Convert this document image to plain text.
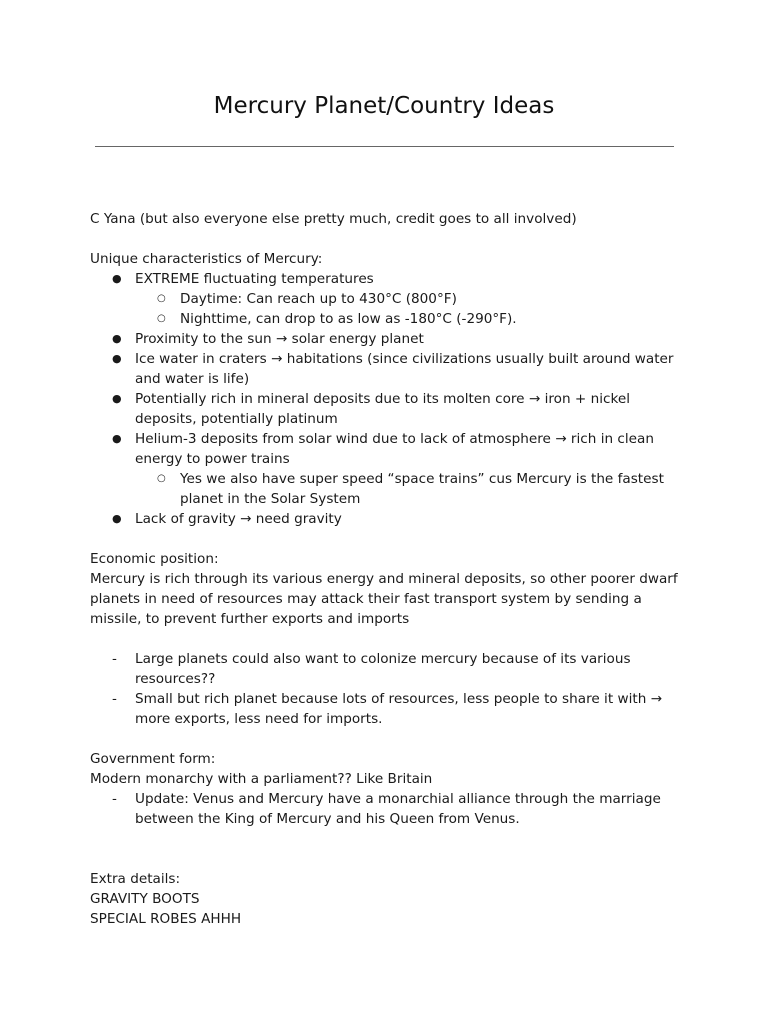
Mercury Planet/Country Ideas

C Yana (but also everyone else pretty much, credit goes to all involved)

Unique characteristics of Mercury:

● EXTREME fluctuating temperatures
○ Daytime: Can reach up to 430°C (800°F)
○ Nighttime, can drop to as low as -180°C (-290°F).
● Proximity to the sun → solar energy planet
● Ice water in craters → habitations (since civilizations usually built around water and water is life)
● Potentially rich in mineral deposits due to its molten core → iron + nickel deposits, potentially platinum
● Helium-3 deposits from solar wind due to lack of atmosphere → rich in clean energy to power trains
○ Yes we also have super speed “space trains” cus Mercury is the fastest planet in the Solar System
● Lack of gravity → need gravity

Economic position:

Mercury is rich through its various energy and mineral deposits, so other poorer dwarf planets in need of resources may attack their fast transport system by sending a missile, to prevent further exports and imports

- Large planets could also want to colonize mercury because of its various resources??
- Small but rich planet because lots of resources, less people to share it with → more exports, less need for imports.

Government form:

Modern monarchy with a parliament?? Like Britain

- Update: Venus and Mercury have a monarchial alliance through the marriage between the King of Mercury and his Queen from Venus.

Extra details:

GRAVITY BOOTS

SPECIAL ROBES AHHH
